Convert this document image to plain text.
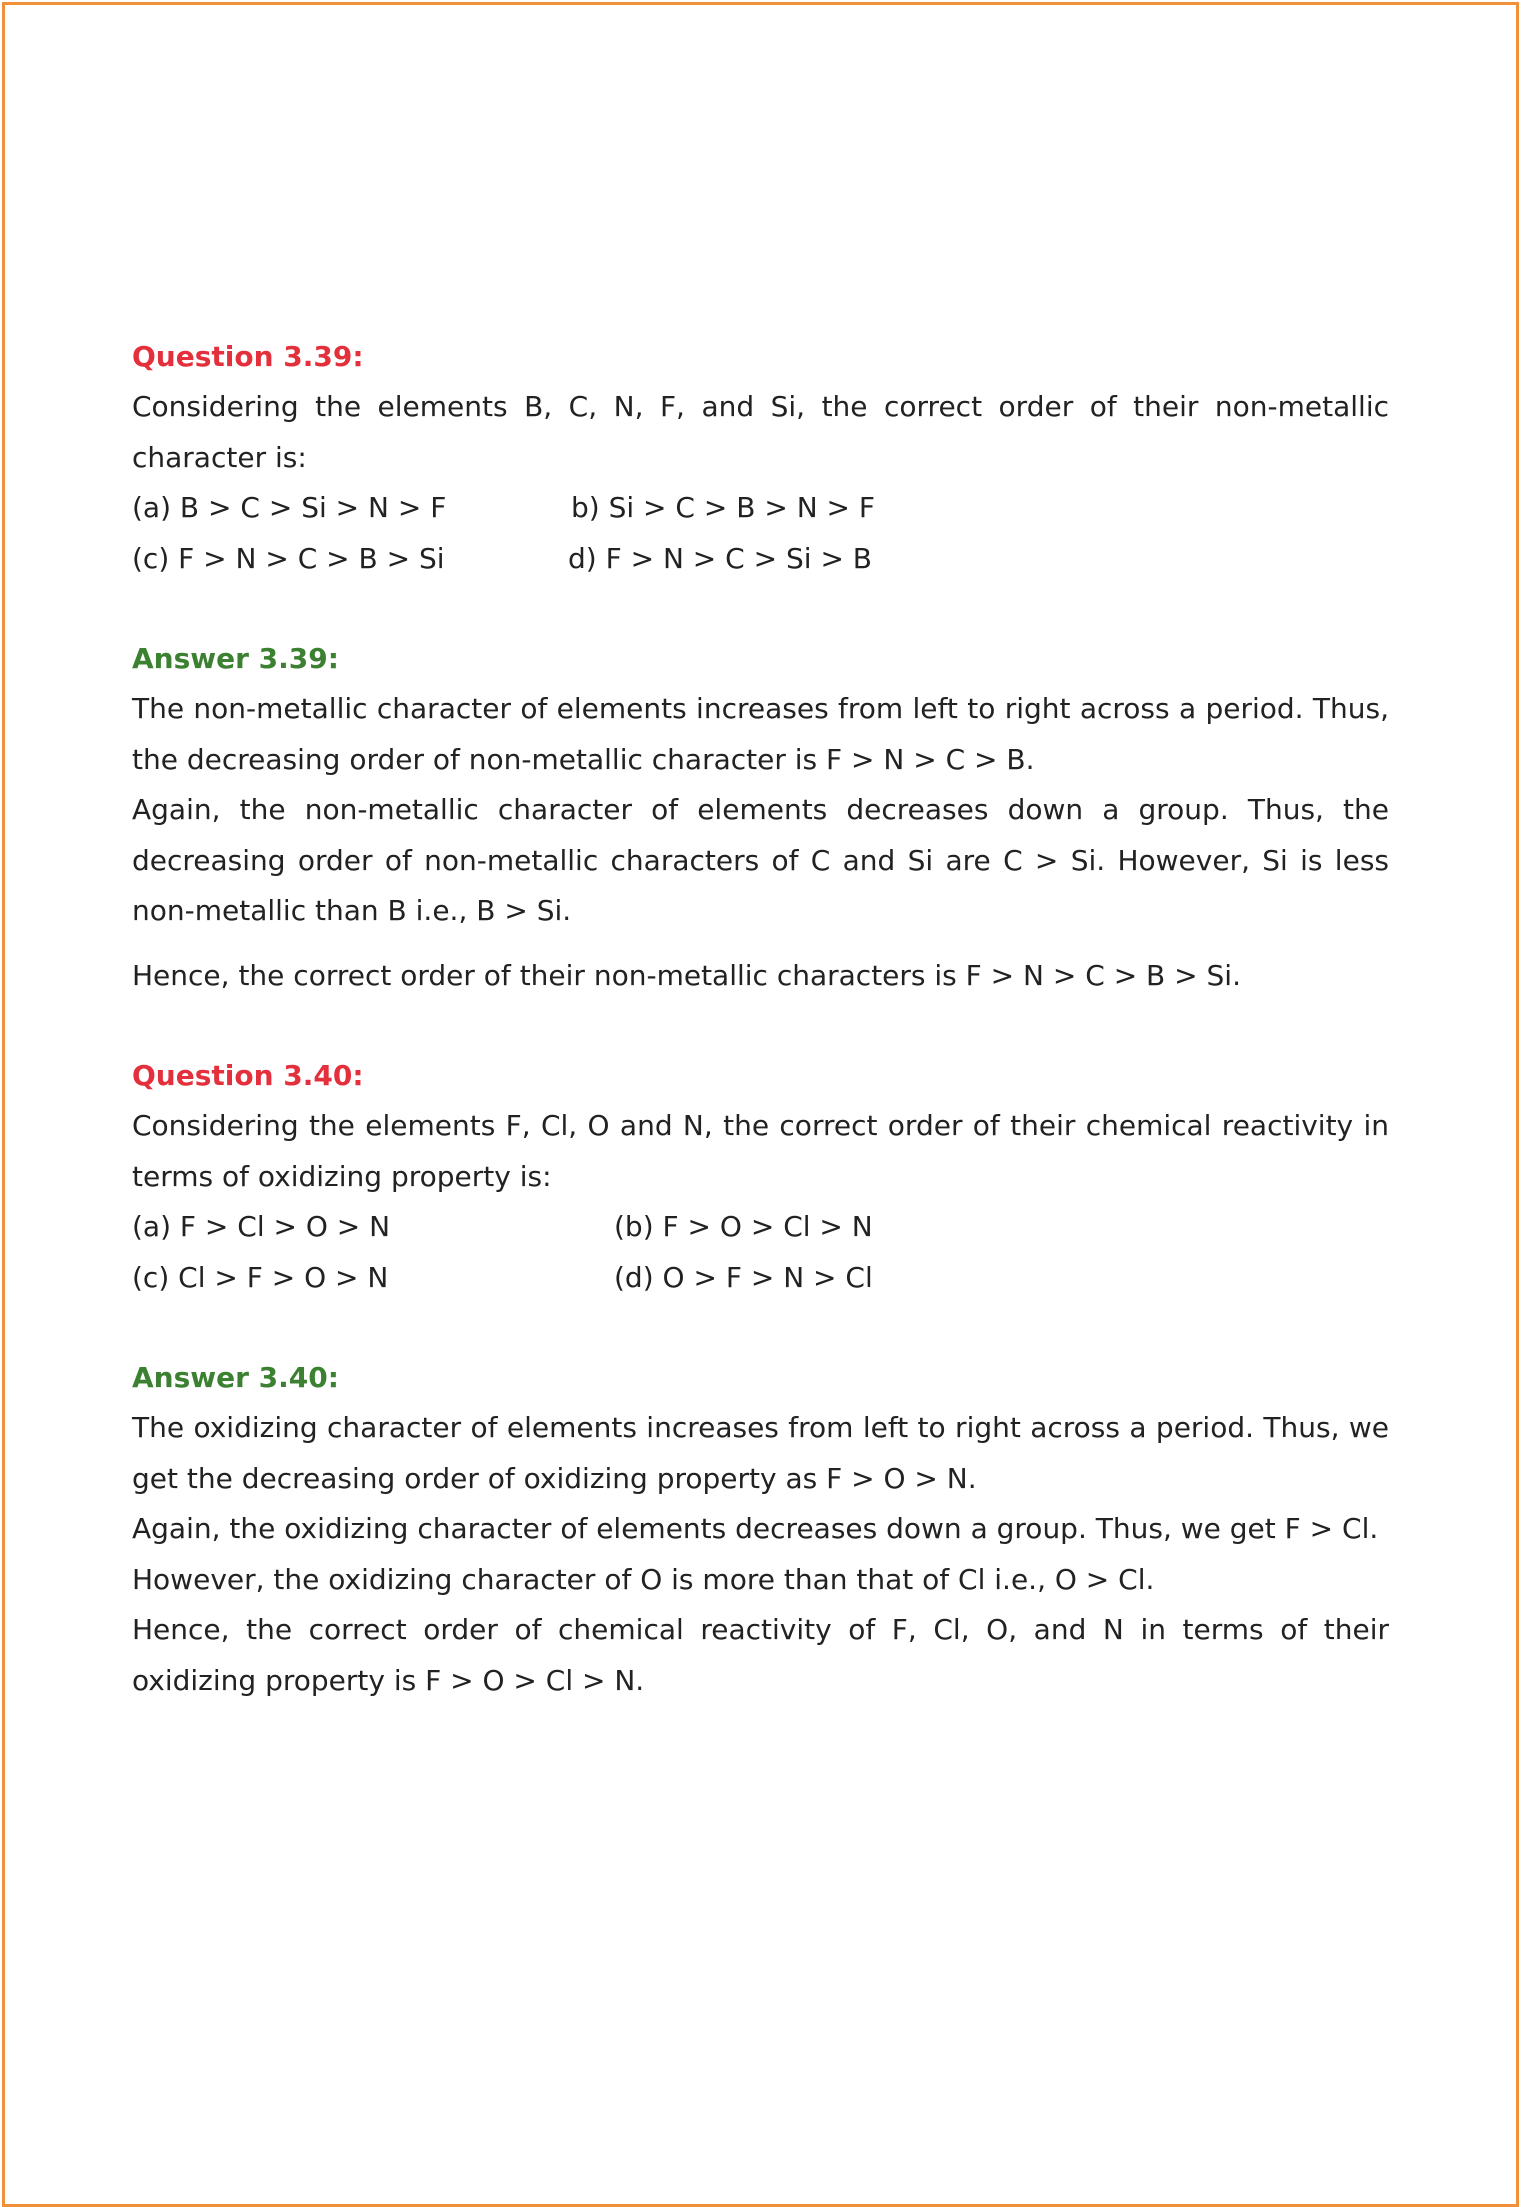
Question 3.39:

Considering the elements B, C, N, F, and Si, the correct order of their non-metallic character is:

(a) B > C > Si > N > F	b) Si > C > B > N > F
(c) F > N > C > B > Si	d) F > N > C > Si > B

Answer 3.39:

The non-metallic character of elements increases from left to right across a period. Thus, the decreasing order of non-metallic character is F > N > C > B.

Again, the non-metallic character of elements decreases down a group. Thus, the decreasing order of non-metallic characters of C and Si are C > Si. However, Si is less non-metallic than B i.e., B > Si.

Hence, the correct order of their non-metallic characters is F > N > C > B > Si.

Question 3.40:

Considering the elements F, Cl, O and N, the correct order of their chemical reactivity in terms of oxidizing property is:

(a) F > Cl > O > N	(b) F > O > Cl > N
(c) Cl > F > O > N	(d) O > F > N > Cl

Answer 3.40:

The oxidizing character of elements increases from left to right across a period. Thus, we get the decreasing order of oxidizing property as F > O > N.

Again, the oxidizing character of elements decreases down a group. Thus, we get F > Cl.

However, the oxidizing character of O is more than that of Cl i.e., O > Cl.

Hence, the correct order of chemical reactivity of F, Cl, O, and N in terms of their oxidizing property is F > O > Cl > N.
